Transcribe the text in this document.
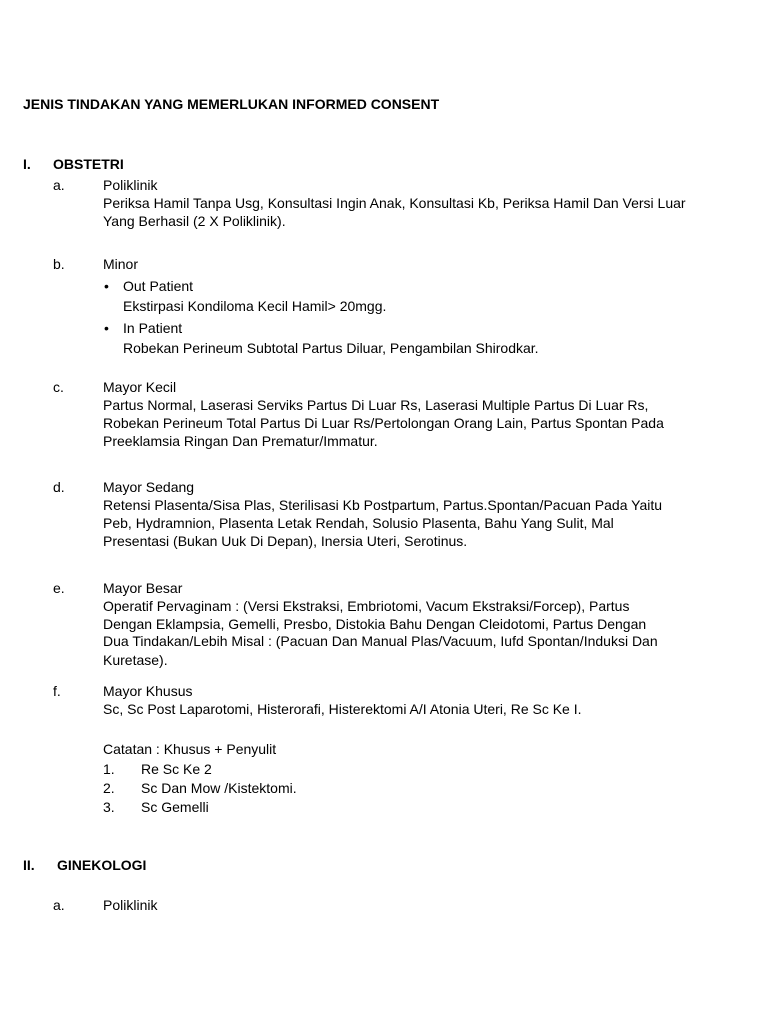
JENIS TINDAKAN YANG MEMERLUKAN INFORMED CONSENT
I. OBSTETRI
a.	Poliklinik
Periksa Hamil Tanpa Usg, Konsultasi Ingin Anak, Konsultasi Kb, Periksa Hamil Dan Versi Luar
Yang Berhasil (2 X Poliklinik).
b.	Minor
• Out Patient
Ekstirpasi Kondiloma Kecil Hamil> 20mgg.
• In Patient
Robekan Perineum Subtotal Partus Diluar, Pengambilan Shirodkar.
c.	Mayor Kecil
Partus Normal, Laserasi Serviks Partus Di Luar Rs, Laserasi Multiple Partus Di Luar Rs,
Robekan Perineum Total Partus Di Luar Rs/Pertolongan Orang Lain, Partus Spontan Pada
Preeklamsia Ringan Dan Prematur/Immatur.
d.	Mayor Sedang
Retensi Plasenta/Sisa Plas, Sterilisasi Kb Postpartum, Partus.Spontan/Pacuan Pada Yaitu
Peb, Hydramnion, Plasenta Letak Rendah, Solusio Plasenta, Bahu Yang Sulit, Mal
Presentasi (Bukan Uuk Di Depan), Inersia Uteri, Serotinus.
e.	Mayor Besar
Operatif Pervaginam : (Versi Ekstraksi, Embriotomi, Vacum Ekstraksi/Forcep), Partus
Dengan Eklampsia, Gemelli, Presbo, Distokia Bahu Dengan Cleidotomi, Partus Dengan
Dua Tindakan/Lebih Misal : (Pacuan Dan Manual Plas/Vacuum, Iufd Spontan/Induksi Dan
Kuretase).
f.	Mayor Khusus
Sc, Sc Post Laparotomi, Histerorafi, Histerektomi A/I Atonia Uteri, Re Sc Ke I.
Catatan : Khusus + Penyulit
1. Re Sc Ke 2
2. Sc Dan Mow /Kistektomi.
3. Sc Gemelli
II. GINEKOLOGI
a.	Poliklinik
